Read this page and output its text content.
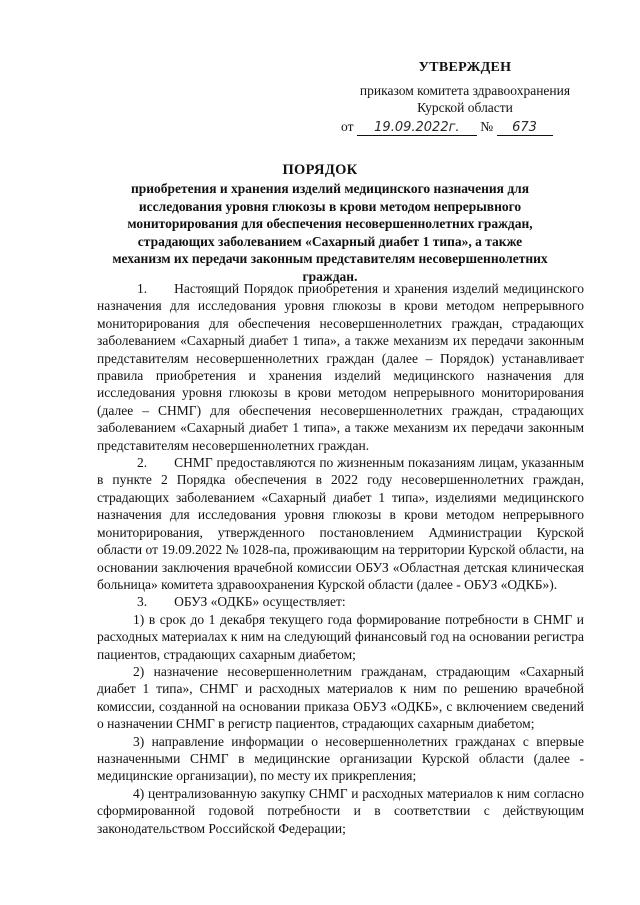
УТВЕРЖДЕН
приказом комитета здравоохранения
Курской области
от 19.09.2022г. № 673
ПОРЯДОК
приобретения и хранения изделий медицинского назначения для исследования уровня глюкозы в крови методом непрерывного мониторирования для обеспечения несовершеннолетних граждан, страдающих заболеванием «Сахарный диабет 1 типа», а также механизм их передачи законным представителям несовершеннолетних граждан.

1.  Настоящий Порядок приобретения и хранения изделий медицинского назначения для исследования уровня глюкозы в крови методом непрерывного мониторирования для обеспечения несовершеннолетних граждан, страдающих заболеванием «Сахарный диабет 1 типа», а также механизм их передачи законным представителям несовершеннолетних граждан (далее – Порядок) устанавливает правила приобретения и хранения изделий медицинского назначения для исследования уровня глюкозы в крови методом непрерывного мониторирования (далее – СНМГ) для обеспечения несовершеннолетних граждан, страдающих заболеванием «Сахарный диабет 1 типа», а также механизм их передачи законным представителям несовершеннолетних граждан.

2.  СНМГ предоставляются по жизненным показаниям лицам, указанным в пункте 2 Порядка обеспечения в 2022 году несовершеннолетних граждан, страдающих заболеванием «Сахарный диабет 1 типа», изделиями медицинского назначения для исследования уровня глюкозы в крови методом непрерывного мониторирования, утвержденного постановлением Администрации Курской области от 19.09.2022 № 1028-па, проживающим на территории Курской области, на основании заключения врачебной комиссии ОБУЗ «Областная детская клиническая больница» комитета здравоохранения Курской области (далее - ОБУЗ «ОДКБ»).

3.  ОБУЗ «ОДКБ» осуществляет:

1) в срок до 1 декабря текущего года формирование потребности в СНМГ и расходных материалах к ним на следующий финансовый год на основании регистра пациентов, страдающих сахарным диабетом;

2) назначение несовершеннолетним гражданам, страдающим «Сахарный диабет 1 типа», СНМГ и расходных материалов к ним по решению врачебной комиссии, созданной на основании приказа ОБУЗ «ОДКБ», с включением сведений о назначении СНМГ в регистр пациентов, страдающих сахарным диабетом;

3) направление информации о несовершеннолетних гражданах с впервые назначенными СНМГ в медицинские организации Курской области (далее - медицинские организации), по месту их прикрепления;

4) централизованную закупку СНМГ и расходных материалов к ним согласно сформированной годовой потребности и в соответствии с действующим законодательством Российской Федерации;
